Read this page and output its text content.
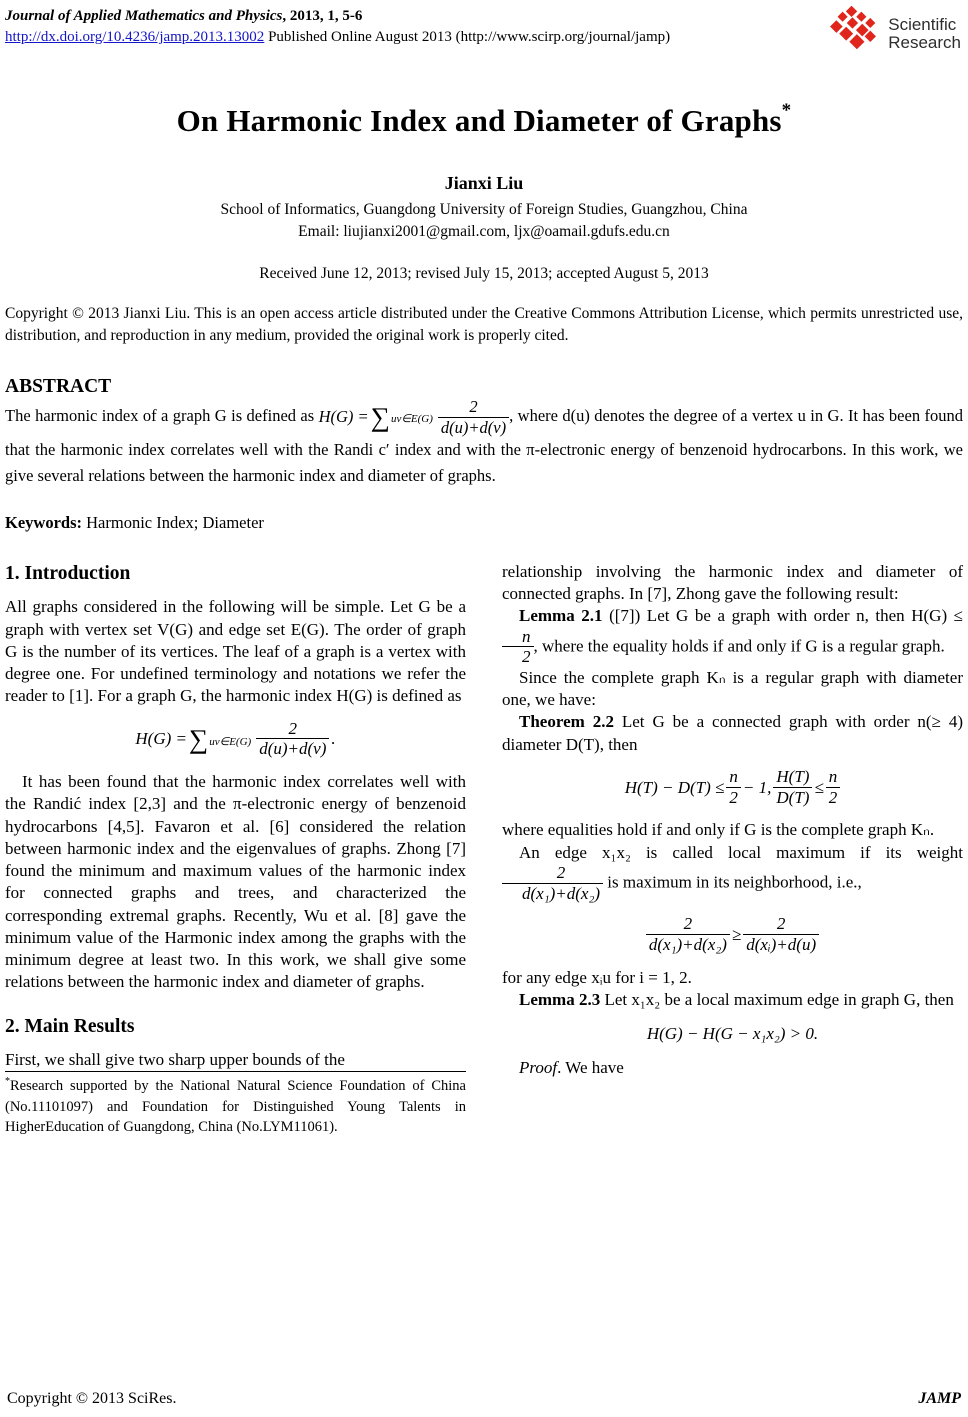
Journal of Applied Mathematics and Physics, 2013, 1, 5-6
http://dx.doi.org/10.4236/jamp.2013.13002 Published Online August 2013 (http://www.scirp.org/journal/jamp)
Scientific
Research
On Harmonic Index and Diameter of Graphs*
Jianxi Liu
School of Informatics, Guangdong University of Foreign Studies, Guangzhou, China
Email: liujianxi2001@gmail.com, ljx@oamail.gdufs.edu.cn
Received June 12, 2013; revised July 15, 2013; accepted August 5, 2013
Copyright © 2013 Jianxi Liu. This is an open access article distributed under the Creative Commons Attribution License, which permits unrestricted use, distribution, and reproduction in any medium, provided the original work is properly cited.
ABSTRACT

The harmonic index of a graph G is defined as H(G) = ∑ uv∈E(G) $\frac{2}{d(u)+d(v)}$ , where d(u) denotes the degree of a vertex u in G. It has been found that the harmonic index correlates well with the Randi c′ index and with the π-electronic energy of benzenoid hydrocarbons. In this work, we give several relations between the harmonic index and diameter of graphs.

Keywords: Harmonic Index; Diameter
1. Introduction

All graphs considered in the following will be simple. Let G be a graph with vertex set V(G) and edge set E(G). The order of graph G is the number of its vertices. The leaf of a graph is a vertex with degree one. For undefined terminology and notations we refer the reader to [1]. For a graph G, the harmonic index H(G) is defined as

H(G) = ∑ uv∈E(G) $\frac{2}{d(u)+d(v)}$ .

It has been found that the harmonic index correlates well with the Randić index [2,3] and the π-electronic energy of benzenoid hydrocarbons [4,5]. Favaron et al. [6] considered the relation between harmonic index and the eigenvalues of graphs. Zhong [7] found the minimum and maximum values of the harmonic index for connected graphs and trees, and characterized the corresponding extremal graphs. Recently, Wu et al. [8] gave the minimum value of the Harmonic index among the graphs with the minimum degree at least two. In this work, we shall give some relations between the harmonic index and diameter of graphs.

2. Main Results

First, we shall give two sharp upper bounds of the

*Research supported by the National Natural Science Foundation of China (No.11101097) and Foundation for Distinguished Young Talents in HigherEducation of Guangdong, China (No.LYM11061).

relationship involving the harmonic index and diameter of connected graphs. In [7], Zhong gave the following result:

Lemma 2.1 ([7]) Let G be a graph with order n, then H(G) ≤
$\frac{n}{2}$ , where the equality holds if and only if G is a regular graph.

Since the complete graph Kₙ is a regular graph with diameter one, we have:

Theorem 2.2 Let G be a connected graph with order n(≥ 4) diameter D(T), then

$H(T) - D(T) \le \frac{n}{2} - 1$, $\frac{H(T)}{D(T)} \le \frac{n}{2}$

where equalities hold if and only if G is the complete graph Kₙ.

An edge x₁x₂ is called local maximum if its weight
$\frac{2}{\text{d(x₁)+d(x₂)}}$ is maximum in its neighborhood, i.e.,

$\frac{2}{\text{d(x₁)+d(x₂)}} \ge \frac{2}{\text{d(xᵢ)+d(u)}}$

for any edge xᵢu for i = 1, 2.

Lemma 2.3 Let x₁x₂ be a local maximum edge in graph G, then

H(G) − H(G − x₁x₂) > 0.

Proof. We have

Copyright © 2013 SciRes.	JAMP
